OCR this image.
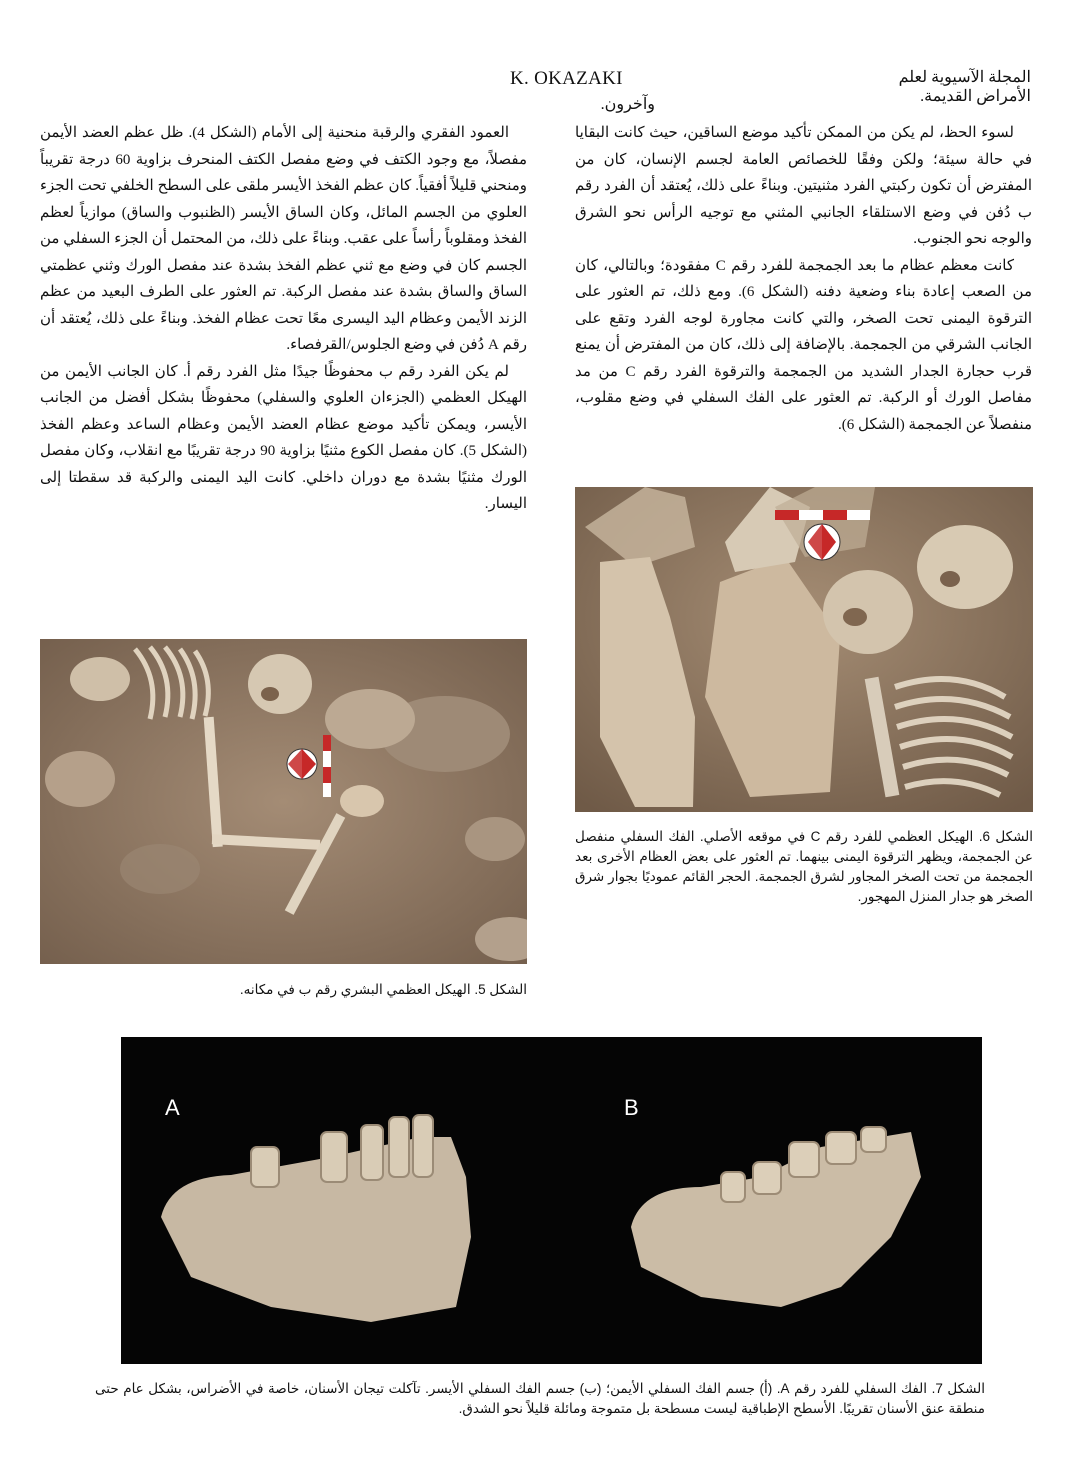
المجلة الآسيوية لعلم
الأمراض القديمة.
K. OKAZAKI
وآخرون.

لسوء الحظ، لم يكن من الممكن تأكيد موضع الساقين، حيث كانت البقايا في حالة سيئة؛ ولكن وفقًا للخصائص العامة لجسم الإنسان، كان من المفترض أن تكون ركبتي الفرد مثنيتين. وبناءً على ذلك، يُعتقد أن الفرد رقم ب دُفن في وضع الاستلقاء الجانبي المثني مع توجيه الرأس نحو الشرق والوجه نحو الجنوب.

كانت معظم عظام ما بعد الجمجمة للفرد رقم C مفقودة؛ وبالتالي، كان من الصعب إعادة بناء وضعية دفنه (الشكل 6). ومع ذلك، تم العثور على الترقوة اليمنى تحت الصخر، والتي كانت مجاورة لوجه الفرد وتقع على الجانب الشرقي من الجمجمة. بالإضافة إلى ذلك، كان من المفترض أن يمنع قرب حجارة الجدار الشديد من الجمجمة والترقوة الفرد رقم C من مد مفاصل الورك أو الركبة. تم العثور على الفك السفلي في وضع مقلوب، منفصلاً عن الجمجمة (الشكل 6).

العمود الفقري والرقبة منحنية إلى الأمام (الشكل 4). ظل عظم العضد الأيمن مفصلاً، مع وجود الكتف في وضع مفصل الكتف المنحرف بزاوية 60 درجة تقريباً ومنحني قليلاً أفقياً. كان عظم الفخذ الأيسر ملقى على السطح الخلفي تحت الجزء العلوي من الجسم المائل، وكان الساق الأيسر (الظنبوب والساق) موازياً لعظم الفخذ ومقلوباً رأساً على عقب. وبناءً على ذلك، من المحتمل أن الجزء السفلي من الجسم كان في وضع مع ثني عظم الفخذ بشدة عند مفصل الورك وثني عظمتي الساق والساق بشدة عند مفصل الركبة. تم العثور على الطرف البعيد من عظم الزند الأيمن وعظام اليد اليسرى معًا تحت عظام الفخذ. وبناءً على ذلك، يُعتقد أن رقم A دُفن في وضع الجلوس/القرفصاء.

لم يكن الفرد رقم ب محفوظًا جيدًا مثل الفرد رقم أ. كان الجانب الأيمن من الهيكل العظمي (الجزءان العلوي والسفلي) محفوظًا بشكل أفضل من الجانب الأيسر، ويمكن تأكيد موضع عظام العضد الأيمن وعظام الساعد وعظم الفخذ (الشكل 5). كان مفصل الكوع مثنيًا بزاوية 90 درجة تقريبًا مع انقلاب، وكان مفصل الورك مثنيًا بشدة مع دوران داخلي. كانت اليد اليمنى والركبة قد سقطتا إلى اليسار.

الشكل 6. الهيكل العظمي للفرد رقم C في موقعه الأصلي. الفك السفلي منفصل عن الجمجمة، ويظهر الترقوة اليمنى بينهما. تم العثور على بعض العظام الأخرى بعد الجمجمة من تحت الصخر المجاور لشرق الجمجمة. الحجر القائم عموديًا بجوار شرق الصخر هو جدار المنزل المهجور.
الشكل 5. الهيكل العظمي البشري رقم ب في مكانه.
A	B
الشكل 7. الفك السفلي للفرد رقم A. (أ) جسم الفك السفلي الأيمن؛ (ب) جسم الفك السفلي الأيسر. تآكلت تيجان الأسنان، خاصة في الأضراس، بشكل عام حتى منطقة عنق الأسنان تقريبًا. الأسطح الإطباقية ليست مسطحة بل متموجة ومائلة قليلاً نحو الشدق.
